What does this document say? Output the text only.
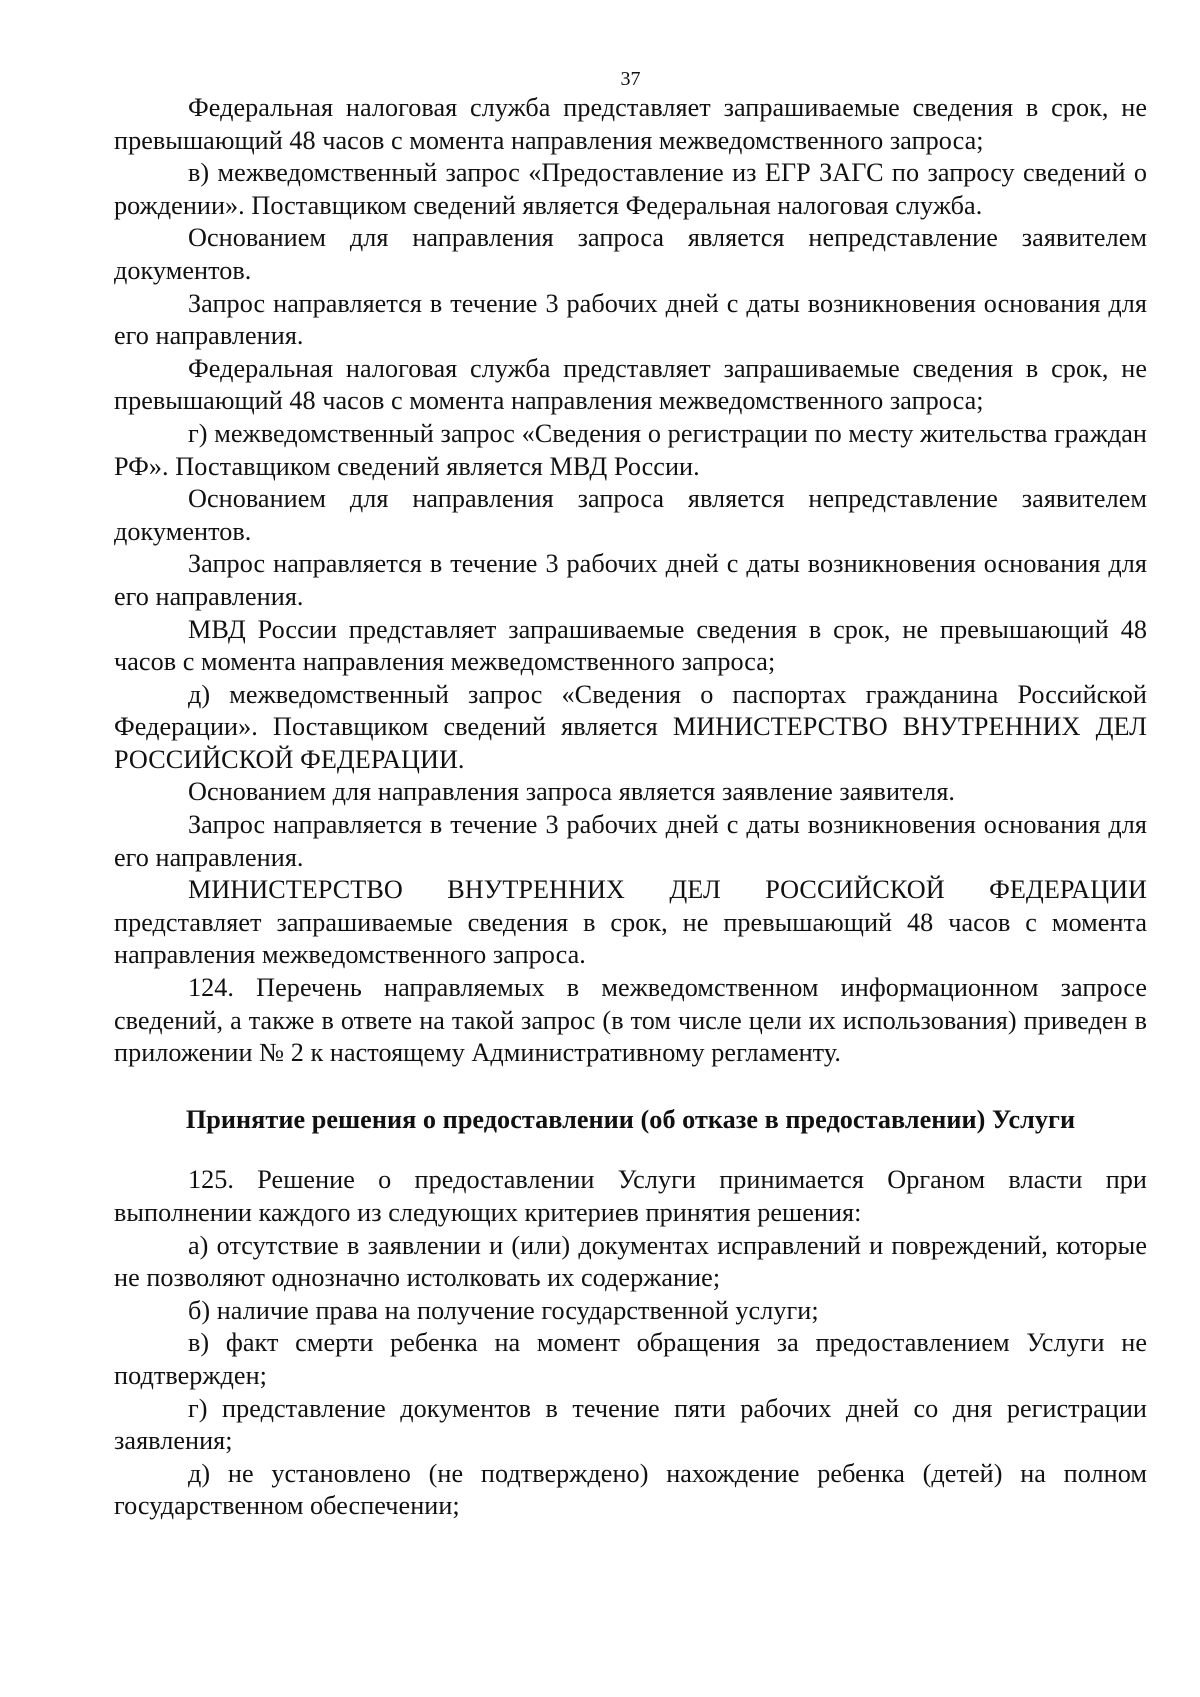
37

Федеральная налоговая служба представляет запрашиваемые сведения в срок, не превышающий 48 часов с момента направления межведомственного запроса;

в) межведомственный запрос «Предоставление из ЕГР ЗАГС по запросу сведений о рождении». Поставщиком сведений является Федеральная налоговая служба.

Основанием для направления запроса является непредставление заявителем документов.

Запрос направляется в течение 3 рабочих дней с даты возникновения основания для его направления.

Федеральная налоговая служба представляет запрашиваемые сведения в срок, не превышающий 48 часов с момента направления межведомственного запроса;

г) межведомственный запрос «Сведения о регистрации по месту жительства граждан РФ». Поставщиком сведений является МВД России.

Основанием для направления запроса является непредставление заявителем документов.

Запрос направляется в течение 3 рабочих дней с даты возникновения основания для его направления.

МВД России представляет запрашиваемые сведения в срок, не превышающий 48 часов с момента направления межведомственного запроса;

д) межведомственный запрос «Сведения о паспортах гражданина Российской Федерации». Поставщиком сведений является МИНИСТЕРСТВО ВНУТРЕННИХ ДЕЛ РОССИЙСКОЙ ФЕДЕРАЦИИ.

Основанием для направления запроса является заявление заявителя.

Запрос направляется в течение 3 рабочих дней с даты возникновения основания для его направления.

МИНИСТЕРСТВО ВНУТРЕННИХ ДЕЛ РОССИЙСКОЙ ФЕДЕРАЦИИ представляет запрашиваемые сведения в срок, не превышающий 48 часов с момента направления межведомственного запроса.

124. Перечень направляемых в межведомственном информационном запросе сведений, а также в ответе на такой запрос (в том числе цели их использования) приведен в приложении № 2 к настоящему Административному регламенту.

Принятие решения о предоставлении (об отказе в предоставлении) Услуги

125. Решение о предоставлении Услуги принимается Органом власти при выполнении каждого из следующих критериев принятия решения:

а) отсутствие в заявлении и (или) документах исправлений и повреждений, которые не позволяют однозначно истолковать их содержание;

б) наличие права на получение государственной услуги;

в) факт смерти ребенка на момент обращения за предоставлением Услуги не подтвержден;

г) представление документов в течение пяти рабочих дней со дня регистрации заявления;

д) не установлено (не подтверждено) нахождение ребенка (детей) на полном государственном обеспечении;
